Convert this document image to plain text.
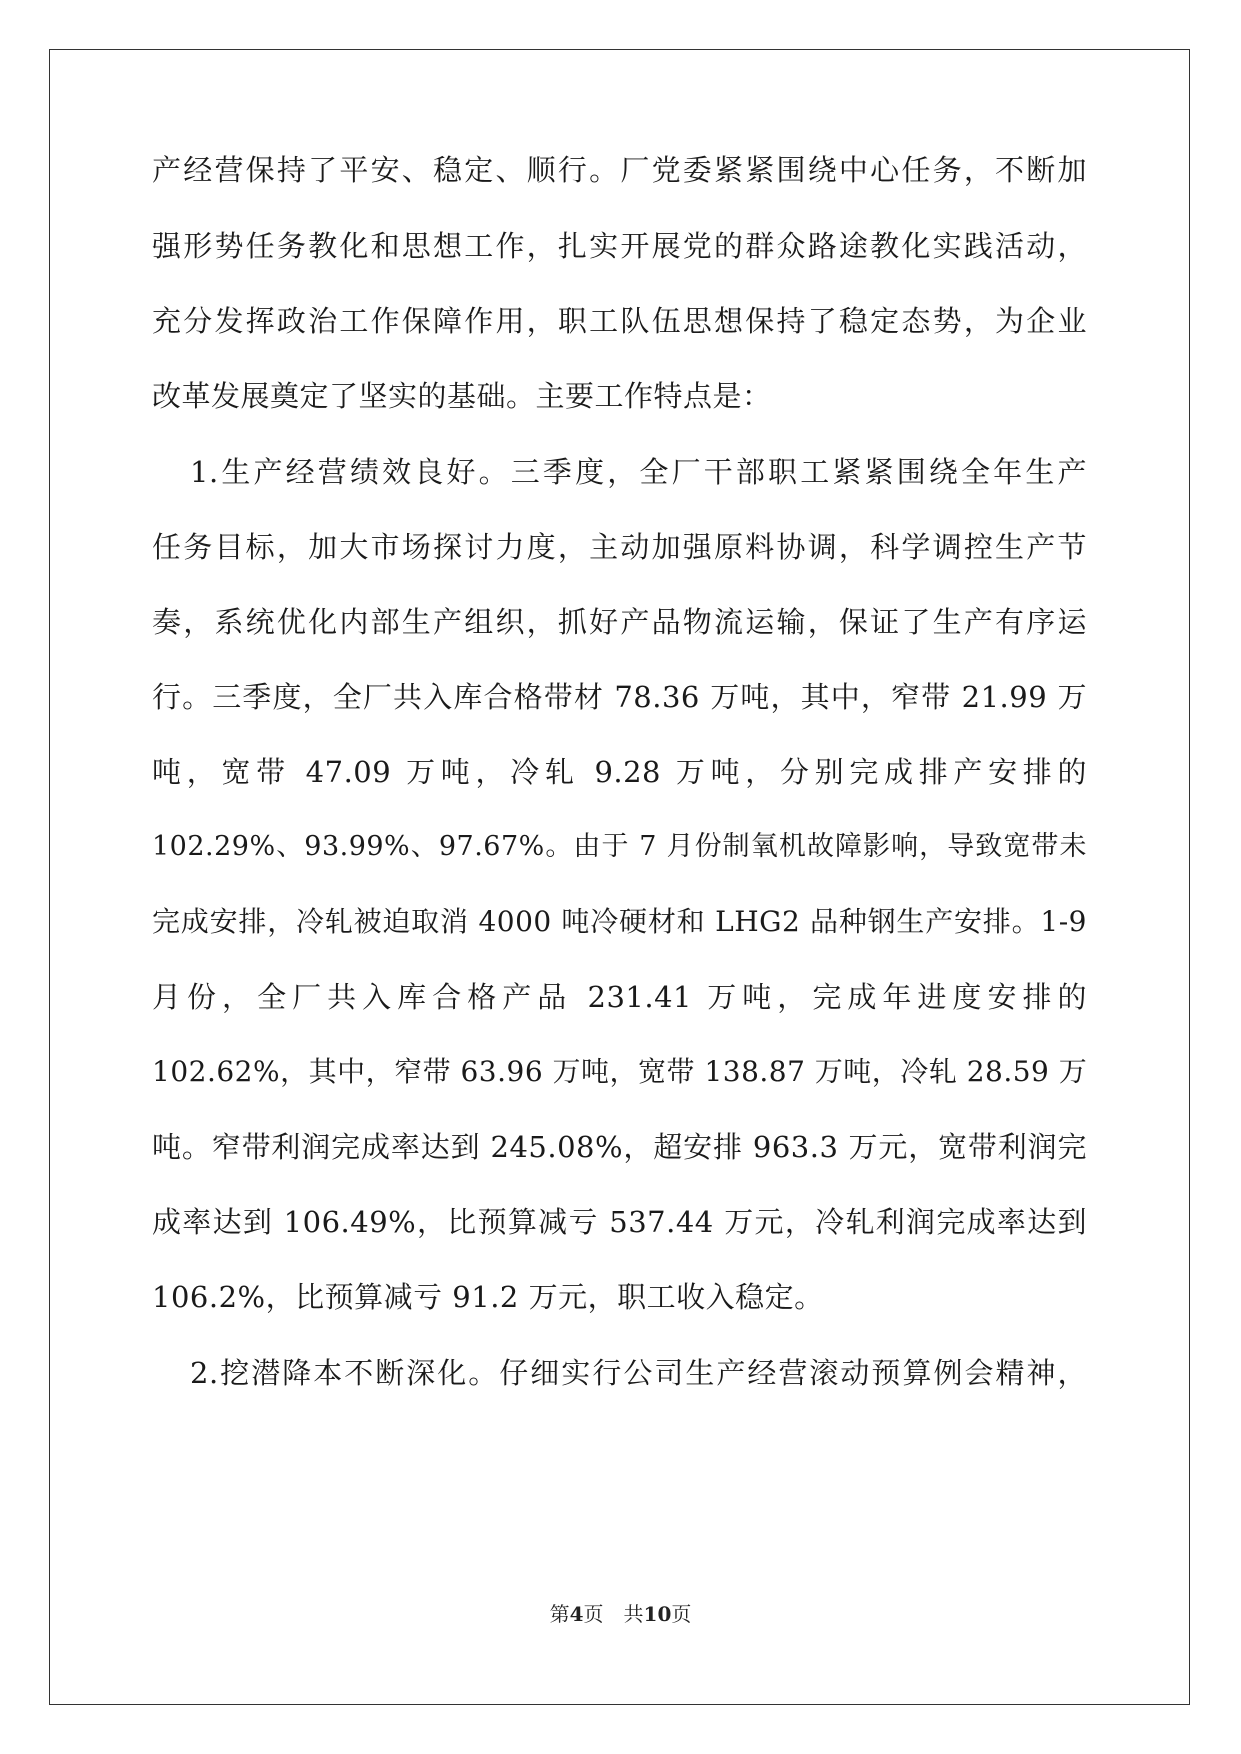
产经营保持了平安、稳定、顺行。厂党委紧紧围绕中心任务，不断加
强形势任务教化和思想工作，扎实开展党的群众路途教化实践活动，
充分发挥政治工作保障作用，职工队伍思想保持了稳定态势，为企业
改革发展奠定了坚实的基础。主要工作特点是：
1.生产经营绩效良好。三季度，全厂干部职工紧紧围绕全年生产
任务目标，加大市场探讨力度，主动加强原料协调，科学调控生产节
奏，系统优化内部生产组织，抓好产品物流运输，保证了生产有序运
行。三季度，全厂共入库合格带材 78.36 万吨，其中，窄带 21.99 万
吨，宽带 47.09 万吨，冷轧 9.28 万吨，分别完成排产安排的
102.29%、93.99%、97.67%。由于 7 月份制氧机故障影响，导致宽带未
完成安排，冷轧被迫取消 4000 吨冷硬材和 LHG2 品种钢生产安排。1-9
月份，全厂共入库合格产品 231.41 万吨，完成年进度安排的
102.62%，其中，窄带 63.96 万吨，宽带 138.87 万吨，冷轧 28.59 万
吨。窄带利润完成率达到 245.08%，超安排 963.3 万元，宽带利润完
成率达到 106.49%，比预算减亏 537.44 万元，冷轧利润完成率达到
106.2%，比预算减亏 91.2 万元，职工收入稳定。
2.挖潜降本不断深化。仔细实行公司生产经营滚动预算例会精神，
第4页　共10页
